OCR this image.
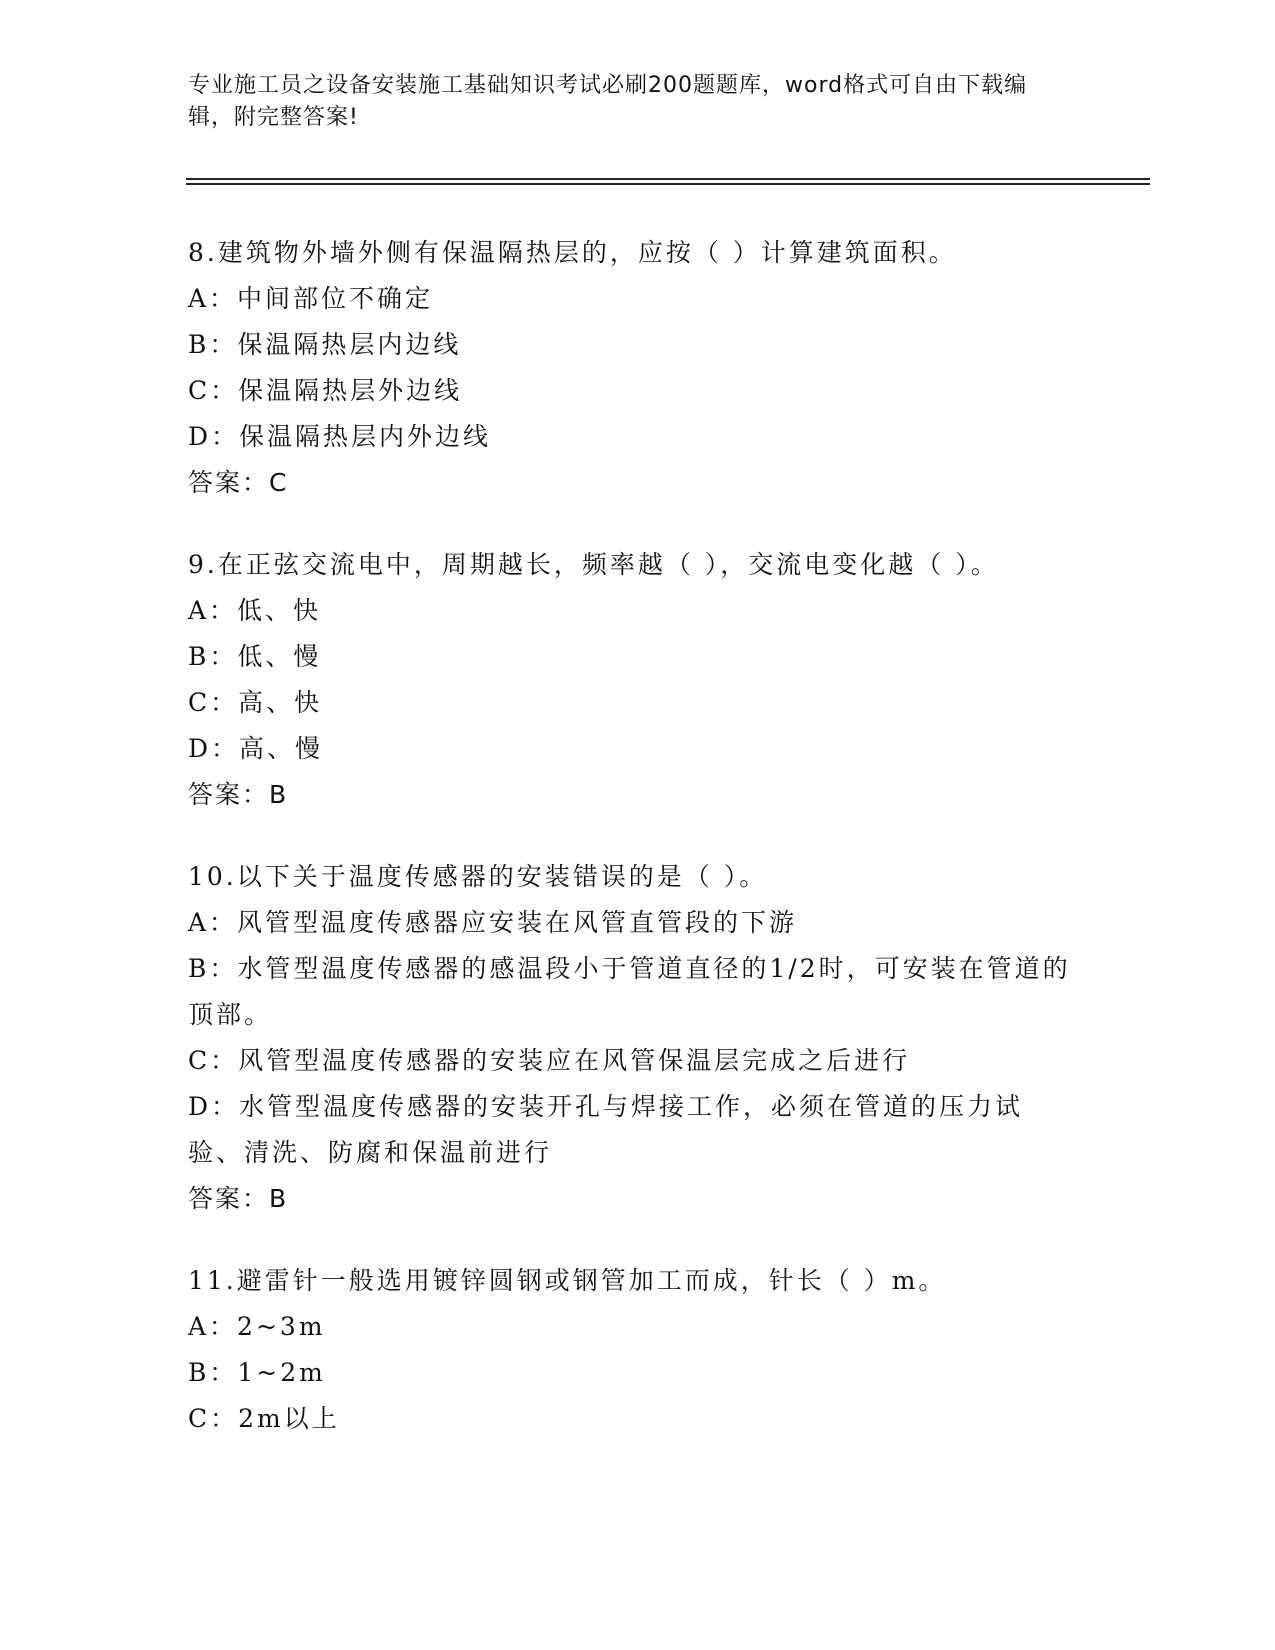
专业施工员之设备安装施工基础知识考试必刷200题题库，word格式可自由下载编辑，附完整答案!
8.建筑物外墙外侧有保温隔热层的，应按（ ）计算建筑面积。
A：中间部位不确定
B：保温隔热层内边线
C：保温隔热层外边线
D：保温隔热层内外边线
答案：C
9.在正弦交流电中，周期越长，频率越（ ），交流电变化越（ ）。
A：低、快
B：低、慢
C：高、快
D：高、慢
答案：B
10.以下关于温度传感器的安装错误的是（ ）。
A：风管型温度传感器应安装在风管直管段的下游
B：水管型温度传感器的感温段小于管道直径的1/2时，可安装在管道的顶部。
C：风管型温度传感器的安装应在风管保温层完成之后进行
D：水管型温度传感器的安装开孔与焊接工作，必须在管道的压力试验、清洗、防腐和保温前进行
答案：B
11.避雷针一般选用镀锌圆钢或钢管加工而成，针长（ ）m。
A：2~3m
B：1~2m
C：2m以上
